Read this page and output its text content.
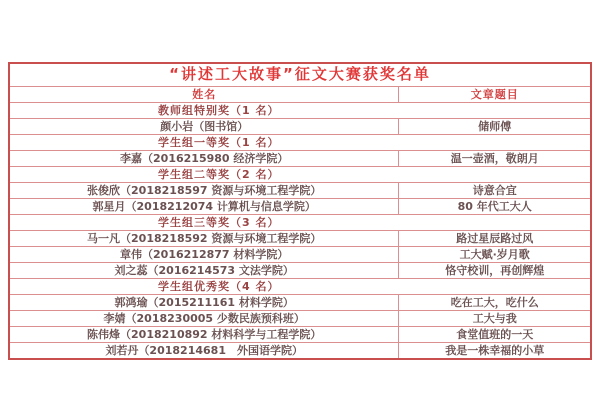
“讲述工大故事”征文大赛获奖名单	
姓名	文章题目

教师组特别奖（1 名）	

颜小岩（图书馆）	储师傅

学生组一等奖（1 名）	

李嘉（2016215980 经济学院）	温一壶酒，敬朗月

学生组二等奖（2 名）	

张俊欣（2018218597 资源与环境工程学院）	诗意合宜
郭星月（2018212074 计算机与信息学院）	80 年代工大人

学生组三等奖（3 名）	

马一凡（2018218592 资源与环境工程学院）	路过星辰路过风
章伟（2016212877 材料学院）	工大赋·岁月歌
刘之蕊（2016214573 文法学院）	恪守校训，再创辉煌

学生组优秀奖（4 名）	

郭鸿瑜（2015211161 材料学院）	吃在工大，吃什么
李婧（2018230005 少数民族预科班）	工大与我
陈伟烽（2018210892 材料科学与工程学院）	食堂值班的一天
刘若丹（2018214681　外国语学院）	我是一株幸福的小草
